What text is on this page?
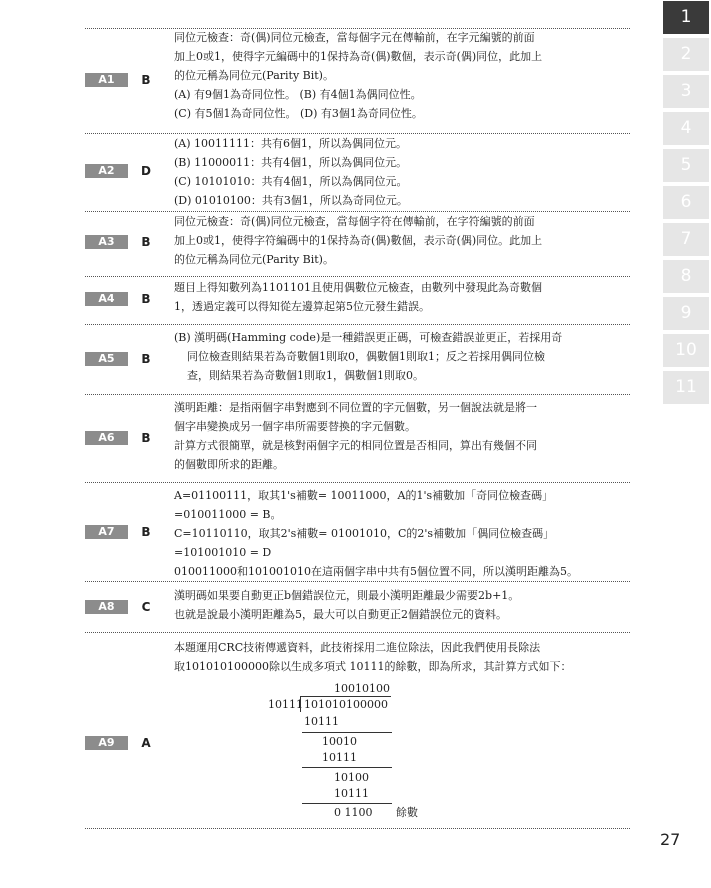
A1	B

同位元檢查：奇(偶)同位元檢查，當每個字元在傳輸前，在字元編號的前面

加上0或1，使得字元編碼中的1保持為奇(偶)數個，表示奇(偶)同位，此加上

的位元稱為同位元(Parity Bit)。

(A) 有9個1為奇同位性。 (B) 有4個1為偶同位性。

(C) 有5個1為奇同位性。 (D) 有3個1為奇同位性。

A2	D

(A) 10011111：共有6個1，所以為偶同位元。

(B) 11000011：共有4個1，所以為偶同位元。

(C) 10101010：共有4個1，所以為偶同位元。

(D) 01010100：共有3個1，所以為奇同位元。

A3	B

同位元檢查：奇(偶)同位元檢查，當每個字符在傳輸前，在字符編號的前面

加上0或1，使得字符編碼中的1保持為奇(偶)數個，表示奇(偶)同位。此加上

的位元稱為同位元(Parity Bit)。

A4	B

題目上得知數列為1101101且使用偶數位元檢查，由數列中發現此為奇數個

1，透過定義可以得知從左邊算起第5位元發生錯誤。

A5	B

(B) 漢明碼(Hamming code)是一種錯誤更正碼，可檢查錯誤並更正，若採用奇

同位檢查則結果若為奇數個1則取0，偶數個1則取1；反之若採用偶同位檢

查，則結果若為奇數個1則取1，偶數個1則取0。

A6	B

漢明距離：是指兩個字串對應到不同位置的字元個數，另一個說法就是將一

個字串變換成另一個字串所需要替換的字元個數。

計算方式很簡單，就是核對兩個字元的相同位置是否相同，算出有幾個不同

的個數即所求的距離。

A7	B

A=01100111，取其1's補數= 10011000，A的1's補數加「奇同位檢查碼」

=010011000 = B。

C=10110110，取其2's補數= 01001010，C的2's補數加「偶同位檢查碼」

=101001010 = D

010011000和101001010在這兩個字串中共有5個位置不同，所以漢明距離為5。

A8	C

漢明碼如果要自動更正b個錯誤位元，則最小漢明距離最少需要2b+1。

也就是說最小漢明距離為5，最大可以自動更正2個錯誤位元的資料。

A9	A

本題運用CRC技術傳遞資料，此技術採用二進位除法，因此我們使用長除法

取101010100000除以生成多項式 10111的餘數，即為所求，其計算方式如下：

10010100
10111 101010100000
10111
10010
10111
10100
10111
0 1100 餘數
1
2
3
4
5
6
7
8
9
10
11
27
